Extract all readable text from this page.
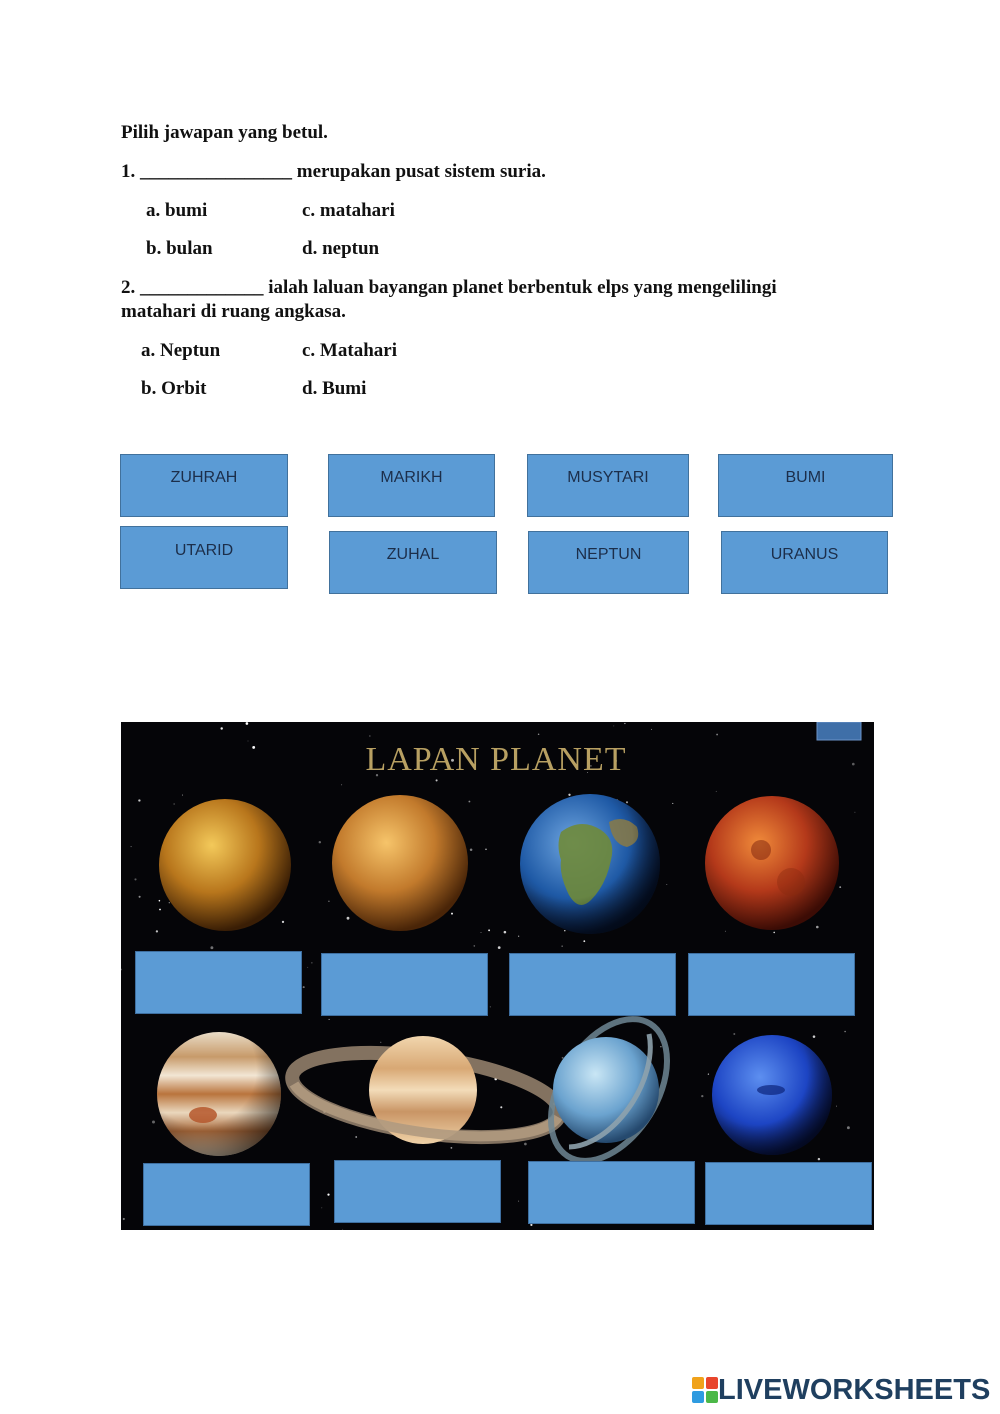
Pilih jawapan yang betul.
1. ________________ merupakan pusat sistem suria.
a. bumi	c. matahari
b. bulan	d. neptun
2. _____________ ialah laluan bayangan planet berbentuk elps yang mengelilingi
matahari di ruang angkasa.
a. Neptun	c. Matahari
b. Orbit	d. Bumi
ZUHRAH	MARIKH	MUSYTARI	BUMI
UTARID	ZUHAL	NEPTUN	URANUS
LAPAN PLANET
LIVEWORKSHEETS
